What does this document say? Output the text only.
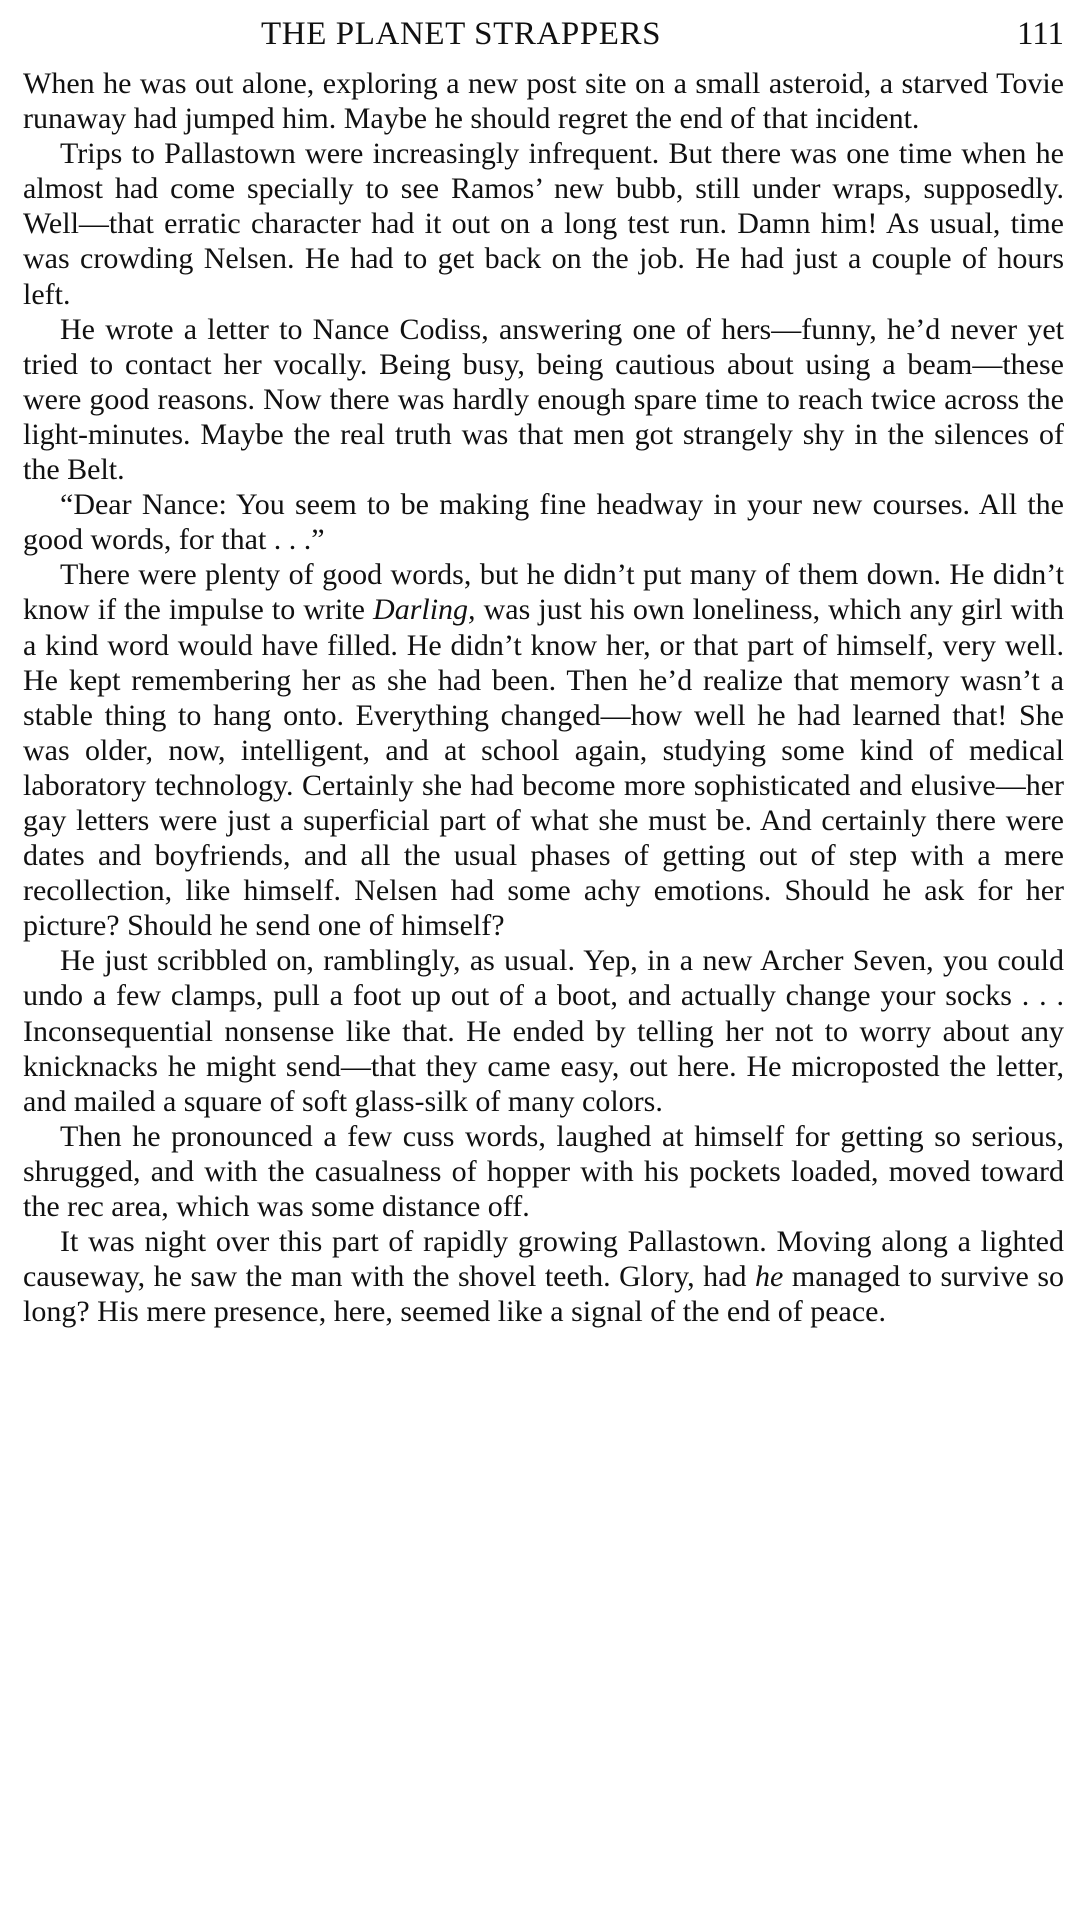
THE PLANET STRAPPERS	111

When he was out alone, exploring a new post site on a small asteroid, a starved Tovie runaway had jumped him. Maybe he should regret the end of that incident.

Trips to Pallastown were increasingly infrequent. But there was one time when he almost had come specially to see Ramos’ new bubb, still under wraps, supposedly. Well—that erratic character had it out on a long test run. Damn him! As usual, time was crowding Nelsen. He had to get back on the job. He had just a couple of hours left.

He wrote a letter to Nance Codiss, answering one of hers—funny, he’d never yet tried to contact her vocally. Being busy, being cautious about using a beam—these were good reasons. Now there was hardly enough spare time to reach twice across the light-minutes. Maybe the real truth was that men got strangely shy in the silences of the Belt.

“Dear Nance: You seem to be making fine headway in your new courses. All the good words, for that . . .”

There were plenty of good words, but he didn’t put many of them down. He didn’t know if the impulse to write Darling, was just his own loneliness, which any girl with a kind word would have filled. He didn’t know her, or that part of himself, very well. He kept remembering her as she had been. Then he’d realize that memory wasn’t a stable thing to hang onto. Everything changed—how well he had learned that! She was older, now, intelligent, and at school again, studying some kind of medical laboratory technology. Certainly she had become more sophisticated and elusive—her gay letters were just a superficial part of what she must be. And certainly there were dates and boyfriends, and all the usual phases of getting out of step with a mere recollection, like himself. Nelsen had some achy emotions. Should he ask for her picture? Should he send one of himself?

He just scribbled on, ramblingly, as usual. Yep, in a new Archer Seven, you could undo a few clamps, pull a foot up out of a boot, and actually change your socks . . . Inconsequential nonsense like that. He ended by telling her not to worry about any knicknacks he might send—that they came easy, out here. He microposted the letter, and mailed a square of soft glass-silk of many colors.

Then he pronounced a few cuss words, laughed at himself for getting so serious, shrugged, and with the casualness of hopper with his pockets loaded, moved toward the rec area, which was some distance off.

It was night over this part of rapidly growing Pallastown. Moving along a lighted causeway, he saw the man with the shovel teeth. Glory, had he managed to survive so long? His mere presence, here, seemed like a signal of the end of peace.
